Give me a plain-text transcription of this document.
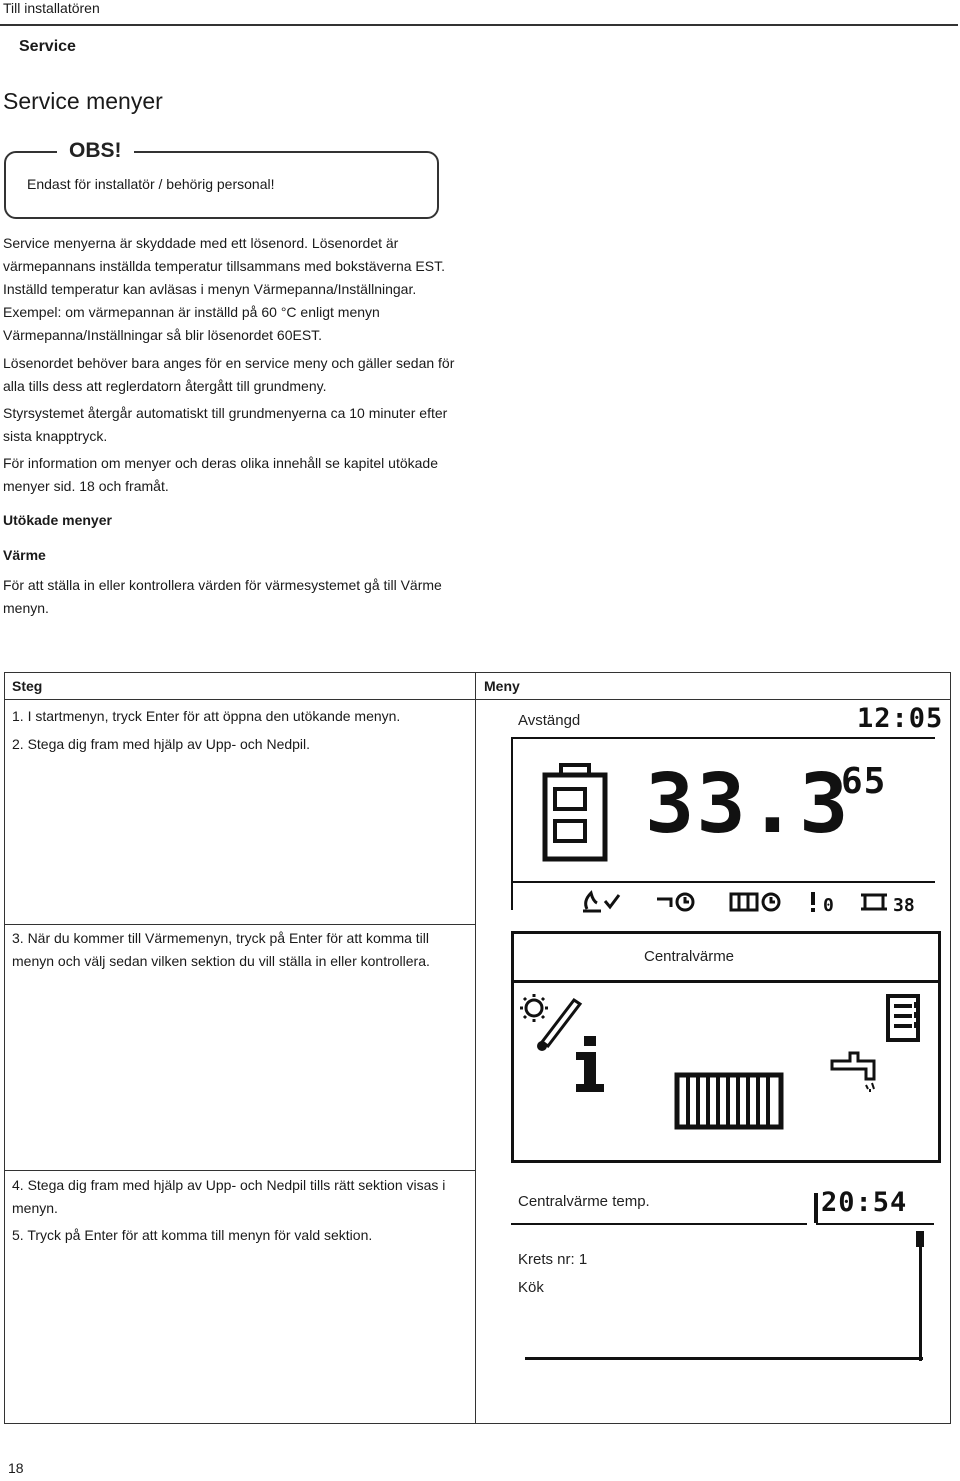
Till installatören
Service
Service menyer
OBS!
Endast för installatör / behörig personal!
Service menyerna är skyddade med ett lösenord. Lösenordet är värmepannans inställda temperatur tillsammans med bokstäverna EST. Inställd temperatur kan avläsas i menyn Värmepanna/Inställningar.
Exempel: om värmepannan är inställd på 60 °C enligt menyn Värmepanna/Inställningar så blir lösenordet 60EST.
Lösenordet behöver bara anges för en service meny och gäller sedan för alla tills dess att reglerdatorn återgått till grundmeny.
Styrsystemet återgår automatiskt till grundmenyerna ca 10 minuter efter sista knapptryck.
För information om menyer och deras olika innehåll se kapitel utökade menyer sid. 18 och framåt.
Utökade menyer
Värme
För att ställa in eller kontrollera värden för värmesystemet gå till Värme menyn.
Steg	Meny
1. I startmenyn, tryck Enter för att öppna den utökande menyn.
2. Stega dig fram med hjälp av Upp- och Nedpil.
3. När du kommer till Värmemenyn, tryck på Enter för att komma till menyn och välj sedan vilken sektion du vill ställa in eller kontrollera.
4. Stega dig fram med hjälp av Upp- och Nedpil tills rätt sektion visas i menyn.
5. Tryck på Enter för att komma till menyn för vald sektion.
Avstängd	12:05
33.3
65
0	38
Centralvärme
Centralvärme temp.	20:54
Krets nr: 1
Kök
18
